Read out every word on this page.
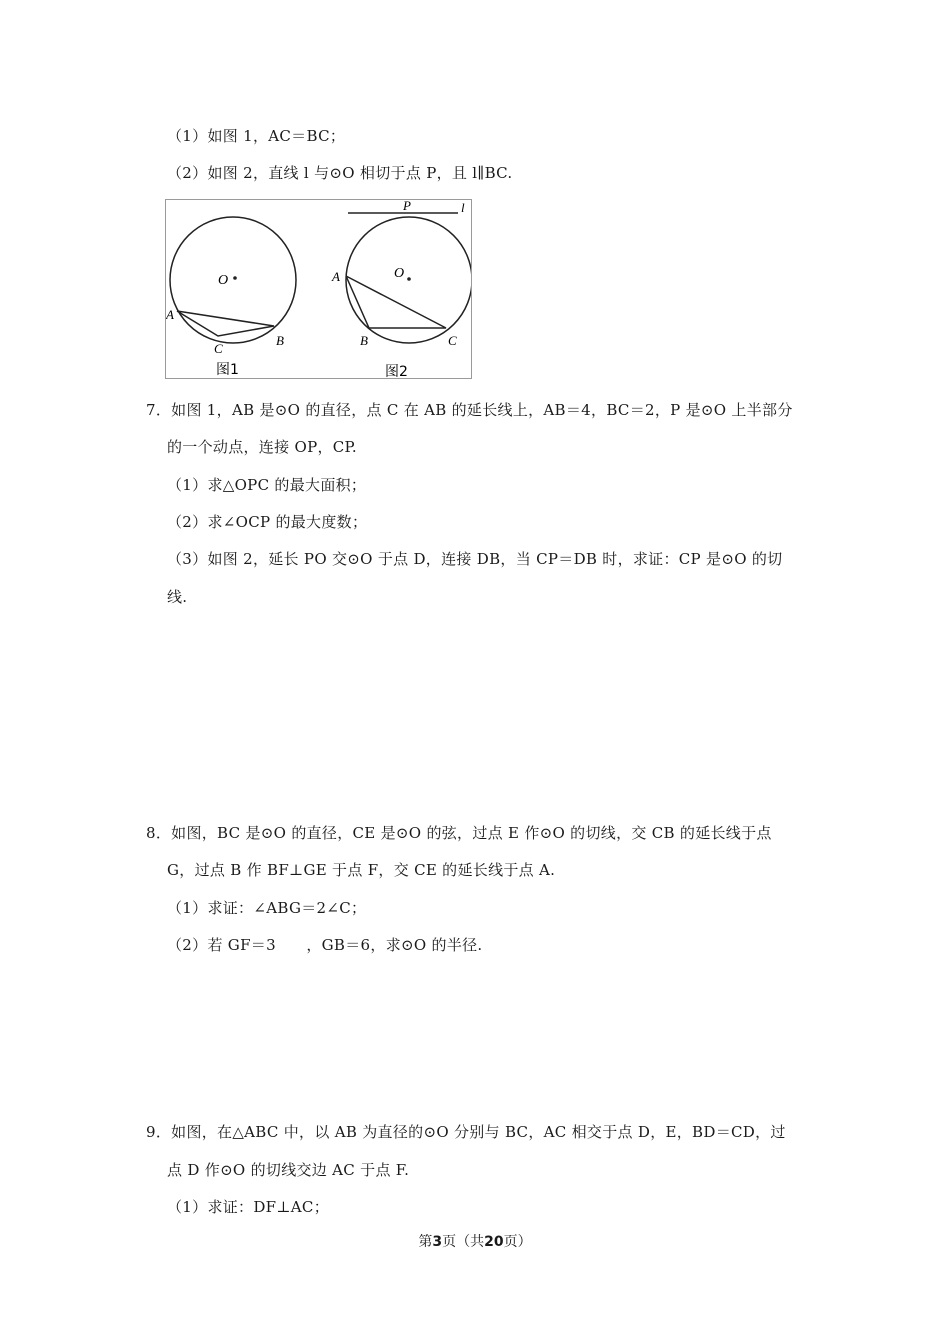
（1）如图 1，AC＝BC；
（2）如图 2，直线 l 与⊙O 相切于点 P，且 l∥BC.
O
A
B
C
图1
O
P	l
A
B	C
图2
7．如图 1，AB 是⊙O 的直径，点 C 在 AB 的延长线上，AB＝4，BC＝2，P 是⊙O 上半部分
的一个动点，连接 OP，CP.
（1）求△OPC 的最大面积；
（2）求∠OCP 的最大度数；
（3）如图 2，延长 PO 交⊙O 于点 D，连接 DB，当 CP＝DB 时，求证：CP 是⊙O 的切
线.
8．如图，BC 是⊙O 的直径，CE 是⊙O 的弦，过点 E 作⊙O 的切线，交 CB 的延长线于点
G，过点 B 作 BF⊥GE 于点 F，交 CE 的延长线于点 A.
（1）求证：∠ABG＝2∠C；
（2）若 GF＝3      ，GB＝6，求⊙O 的半径.
9．如图，在△ABC 中，以 AB 为直径的⊙O 分别与 BC，AC 相交于点 D，E，BD＝CD，过
点 D 作⊙O 的切线交边 AC 于点 F.
（1）求证：DF⊥AC；
第3页（共20页）
